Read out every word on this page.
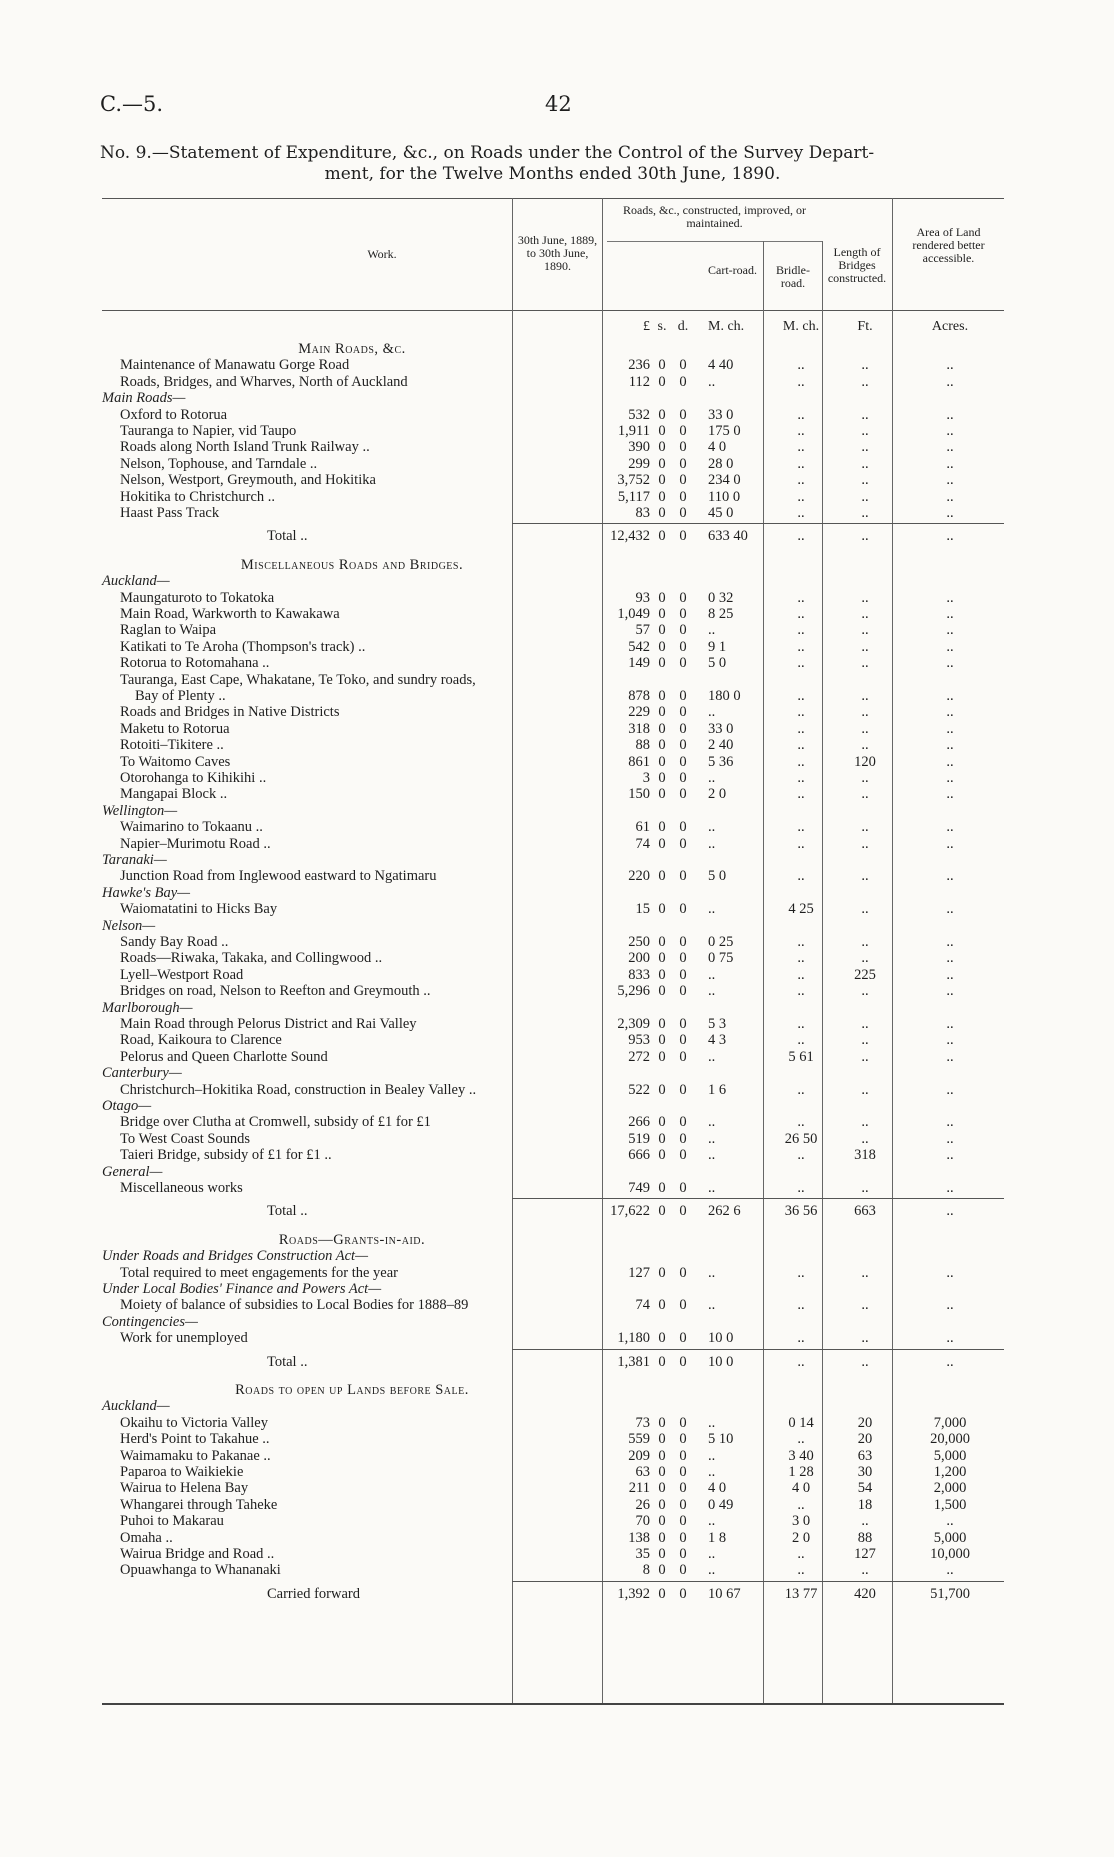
C.—5.	42
No. 9.—Statement of Expenditure, &c., on Roads under the Control of the Survey Depart-
ment, for the Twelve Months ended 30th June, 1890.
Work.
30th June, 1889, to 30th June, 1890.
Roads, &c., constructed, improved, or maintained.
Cart-road.	Bridle-road.
Length of Bridges constructed.
Area of Land rendered better accessible.
£ s. d.	M. ch.	M. ch.	Ft.	Acres.
Main Roads, &c.
Maintenance of Manawatu Gorge Road	236 0 0	4 40	..	..	..
Roads, Bridges, and Wharves, North of Auckland	112 0 0	..	..	..	..
Main Roads—
Oxford to Rotorua	532 0 0	33 0	..	..	..
Tauranga to Napier, vid Taupo	1,911 0 0	175 0	..	..	..
Roads along North Island Trunk Railway ..	390 0 0	4 0	..	..	..
Nelson, Tophouse, and Tarndale ..	299 0 0	28 0	..	..	..
Nelson, Westport, Greymouth, and Hokitika	3,752 0 0	234 0	..	..	..
Hokitika to Christchurch ..	5,117 0 0	110 0	..	..	..
Haast Pass Track	83 0 0	45 0	..	..	..
Total ..	12,432 0 0	633 40	..	..	..
Miscellaneous Roads and Bridges.
Auckland—
Maungaturoto to Tokatoka	93 0 0	0 32	..	..	..
Main Road, Warkworth to Kawakawa	1,049 0 0	8 25	..	..	..
Raglan to Waipa	57 0 0	..	..	..	..
Katikati to Te Aroha (Thompson's track) ..	542 0 0	9 1	..	..	..
Rotorua to Rotomahana ..	149 0 0	5 0	..	..	..
Tauranga, East Cape, Whakatane, Te Toko, and sundry roads,
Bay of Plenty ..	878 0 0	180 0	..	..	..
Roads and Bridges in Native Districts	229 0 0	..	..	..	..
Maketu to Rotorua	318 0 0	33 0	..	..	..
Rotoiti–Tikitere ..	88 0 0	2 40	..	..	..
To Waitomo Caves	861 0 0	5 36	..	120	..
Otorohanga to Kihikihi ..	3 0 0	..	..	..	..
Mangapai Block ..	150 0 0	2 0	..	..	..
Wellington—
Waimarino to Tokaanu ..	61 0 0	..	..	..	..
Napier–Murimotu Road ..	74 0 0	..	..	..	..
Taranaki—
Junction Road from Inglewood eastward to Ngatimaru	220 0 0	5 0	..	..	..
Hawke's Bay—
Waiomatatini to Hicks Bay	15 0 0	..	4 25	..	..
Nelson—
Sandy Bay Road ..	250 0 0	0 25	..	..	..
Roads—Riwaka, Takaka, and Collingwood ..	200 0 0	0 75	..	..	..
Lyell–Westport Road	833 0 0	..	..	225	..
Bridges on road, Nelson to Reefton and Greymouth ..	5,296 0 0	..	..	..	..
Marlborough—
Main Road through Pelorus District and Rai Valley	2,309 0 0	5 3	..	..	..
Road, Kaikoura to Clarence	953 0 0	4 3	..	..	..
Pelorus and Queen Charlotte Sound	272 0 0	..	5 61	..	..
Canterbury—
Christchurch–Hokitika Road, construction in Bealey Valley ..	522 0 0	1 6	..	..	..
Otago—
Bridge over Clutha at Cromwell, subsidy of £1 for £1	266 0 0	..	..	..	..
To West Coast Sounds	519 0 0	..	26 50	..	..
Taieri Bridge, subsidy of £1 for £1 ..	666 0 0	..	..	318	..
General—
Miscellaneous works	749 0 0	..	..	..	..
Total ..	17,622 0 0	262 6	36 56	663	..
Roads—Grants-in-aid.
Under Roads and Bridges Construction Act—
Total required to meet engagements for the year	127 0 0	..	..	..	..
Under Local Bodies' Finance and Powers Act—
Moiety of balance of subsidies to Local Bodies for 1888–89	74 0 0	..	..	..	..
Contingencies—
Work for unemployed	1,180 0 0	10 0	..	..	..
Total ..	1,381 0 0	10 0	..	..	..
Roads to open up Lands before Sale.
Auckland—
Okaihu to Victoria Valley	73 0 0	..	0 14	20	7,000
Herd's Point to Takahue ..	559 0 0	5 10	..	20	20,000
Waimamaku to Pakanae ..	209 0 0	..	3 40	63	5,000
Paparoa to Waikiekie	63 0 0	..	1 28	30	1,200
Wairua to Helena Bay	211 0 0	4 0	4 0	54	2,000
Whangarei through Taheke	26 0 0	0 49	..	18	1,500
Puhoi to Makarau	70 0 0	..	3 0	..	..
Omaha ..	138 0 0	1 8	2 0	88	5,000
Wairua Bridge and Road ..	35 0 0	..	..	127	10,000
Opuawhanga to Whananaki	8 0 0	..	..	..	..
Carried forward	1,392 0 0	10 67	13 77	420	51,700
